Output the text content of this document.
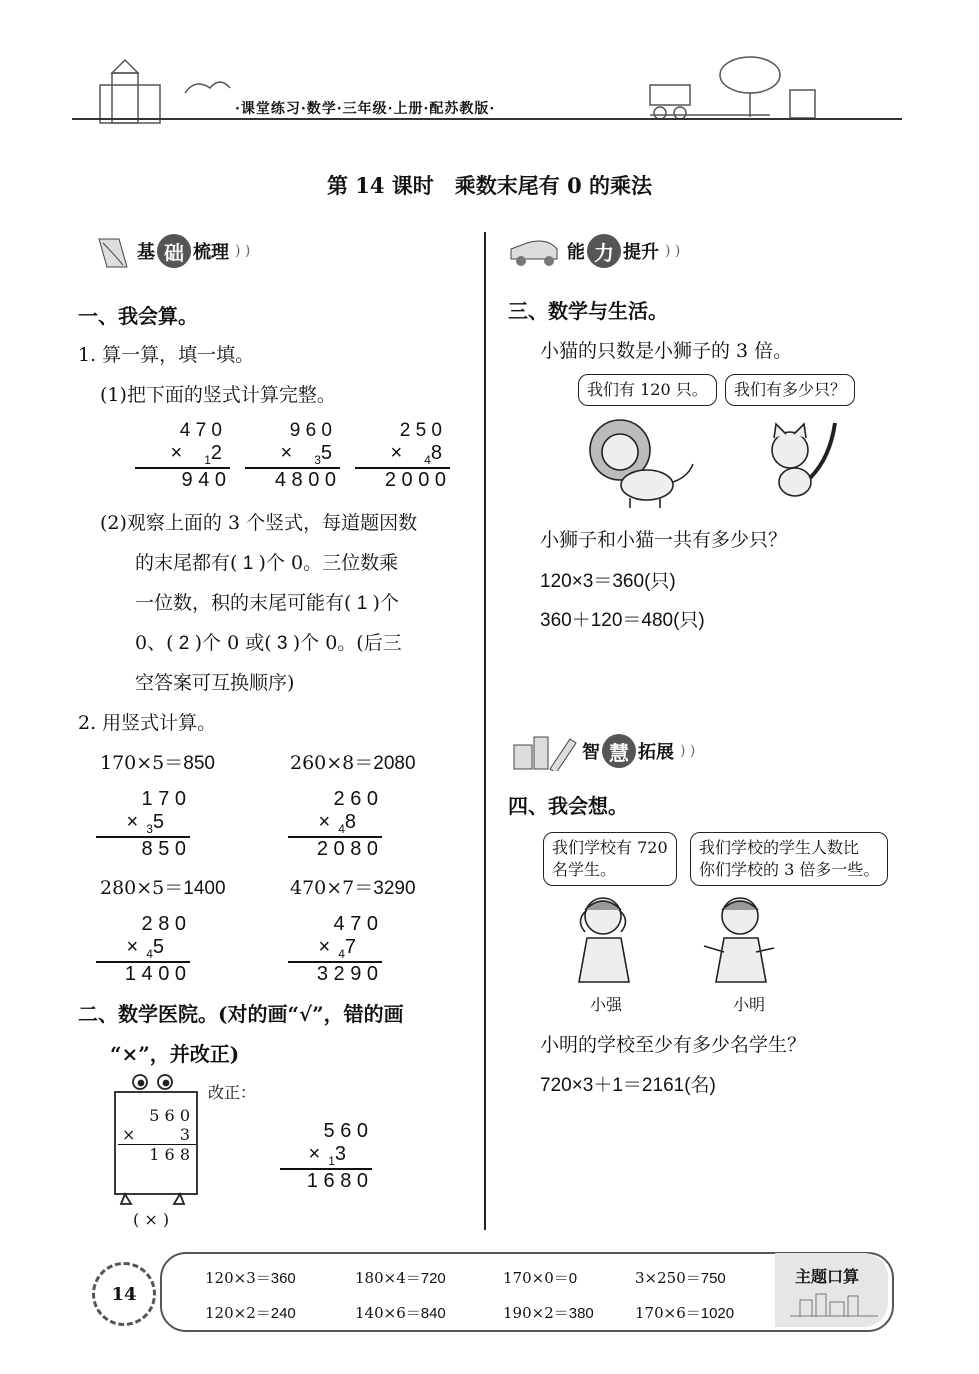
·课堂练习·数学·三年级·上册·配苏教版·
第 14 课时　乘数末尾有 0 的乘法
基 础 梳理 ) )
一、我会算。
1. 算一算，填一填。
(1)把下面的竖式计算完整。
4 7 0
× $_1$2
9 4 0
9 6 0
× $_3$5
4 8 0 0
2 5 0
× $_4$8
2 0 0 0
(2)观察上面的 3 个竖式，每道题因数
的末尾都有( 1 )个 0。三位数乘
一位数，积的末尾可能有( 1 )个
0、( 2 )个 0 或( 3 )个 0。(后三
空答案可互换顺序)
2. 用竖式计算。
170×5＝850	260×8＝2080
1 7 0
× $_3$5
8 5 0
2 6 0
× $_4$8
2 0 8 0
280×5＝1400	470×7＝3290
2 8 0
× $_4$5
1 4 0 0
4 7 0
× $_4$7
3 2 9 0
二、数学医院。(对的画“√”，错的画
“×”，并改正)
5 6 0
×	3
1 6 8
( × )
改正：
5 6 0
× $_1$3
1 6 8 0
能 力 提升 ) )
三、数学与生活。
小猫的只数是小狮子的 3 倍。
我们有 120 只。	我们有多少只？
小狮子和小猫一共有多少只？
120×3＝360(只)
360＋120＝480(只)
智 慧 拓展 ) )
四、我会想。
我们学校有 720
名学生。
我们学校的学生人数比
你们学校的 3 倍多一些。
小强	小明
小明的学校至少有多少名学生？
720×3＋1＝2161(名)
14
主题口算
120×3＝360	180×4＝720	170×0＝0	3×250＝750
120×2＝240	140×6＝840	190×2＝380	170×6＝1020
